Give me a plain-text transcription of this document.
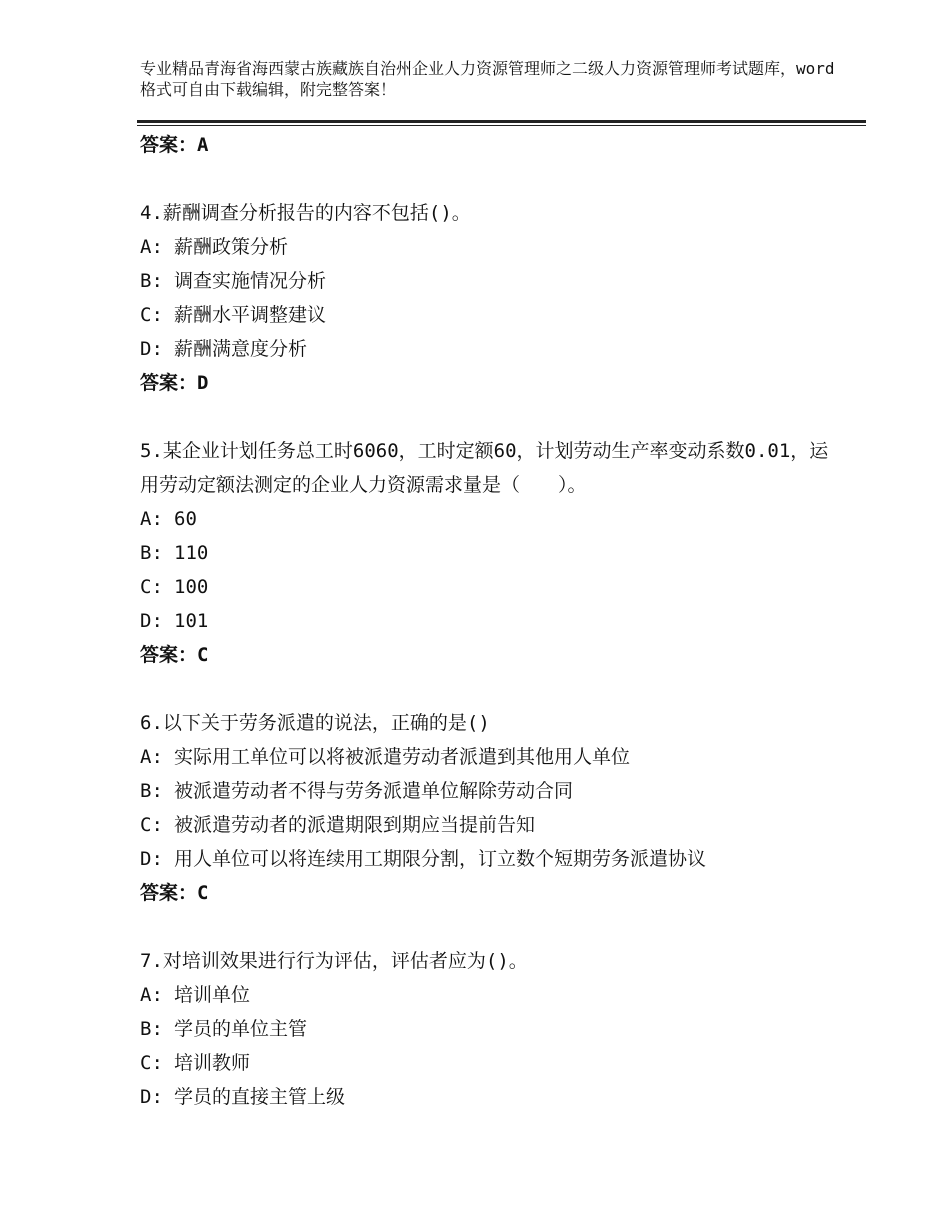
专业精品青海省海西蒙古族藏族自治州企业人力资源管理师之二级人力资源管理师考试题库，word格式可自由下载编辑，附完整答案！
答案：A
4.薪酬调查分析报告的内容不包括()。
A: 薪酬政策分析
B: 调查实施情况分析
C: 薪酬水平调整建议
D: 薪酬满意度分析
答案：D
5.某企业计划任务总工时6060，工时定额60，计划劳动生产率变动系数0.01，运用劳动定额法测定的企业人力资源需求量是（　　）。
A: 60
B: 110
C: 100
D: 101
答案：C
6.以下关于劳务派遣的说法，正确的是()
A: 实际用工单位可以将被派遣劳动者派遣到其他用人单位
B: 被派遣劳动者不得与劳务派遣单位解除劳动合同
C: 被派遣劳动者的派遣期限到期应当提前告知
D: 用人单位可以将连续用工期限分割，订立数个短期劳务派遣协议
答案：C
7.对培训效果进行行为评估，评估者应为()。
A: 培训单位
B: 学员的单位主管
C: 培训教师
D: 学员的直接主管上级
